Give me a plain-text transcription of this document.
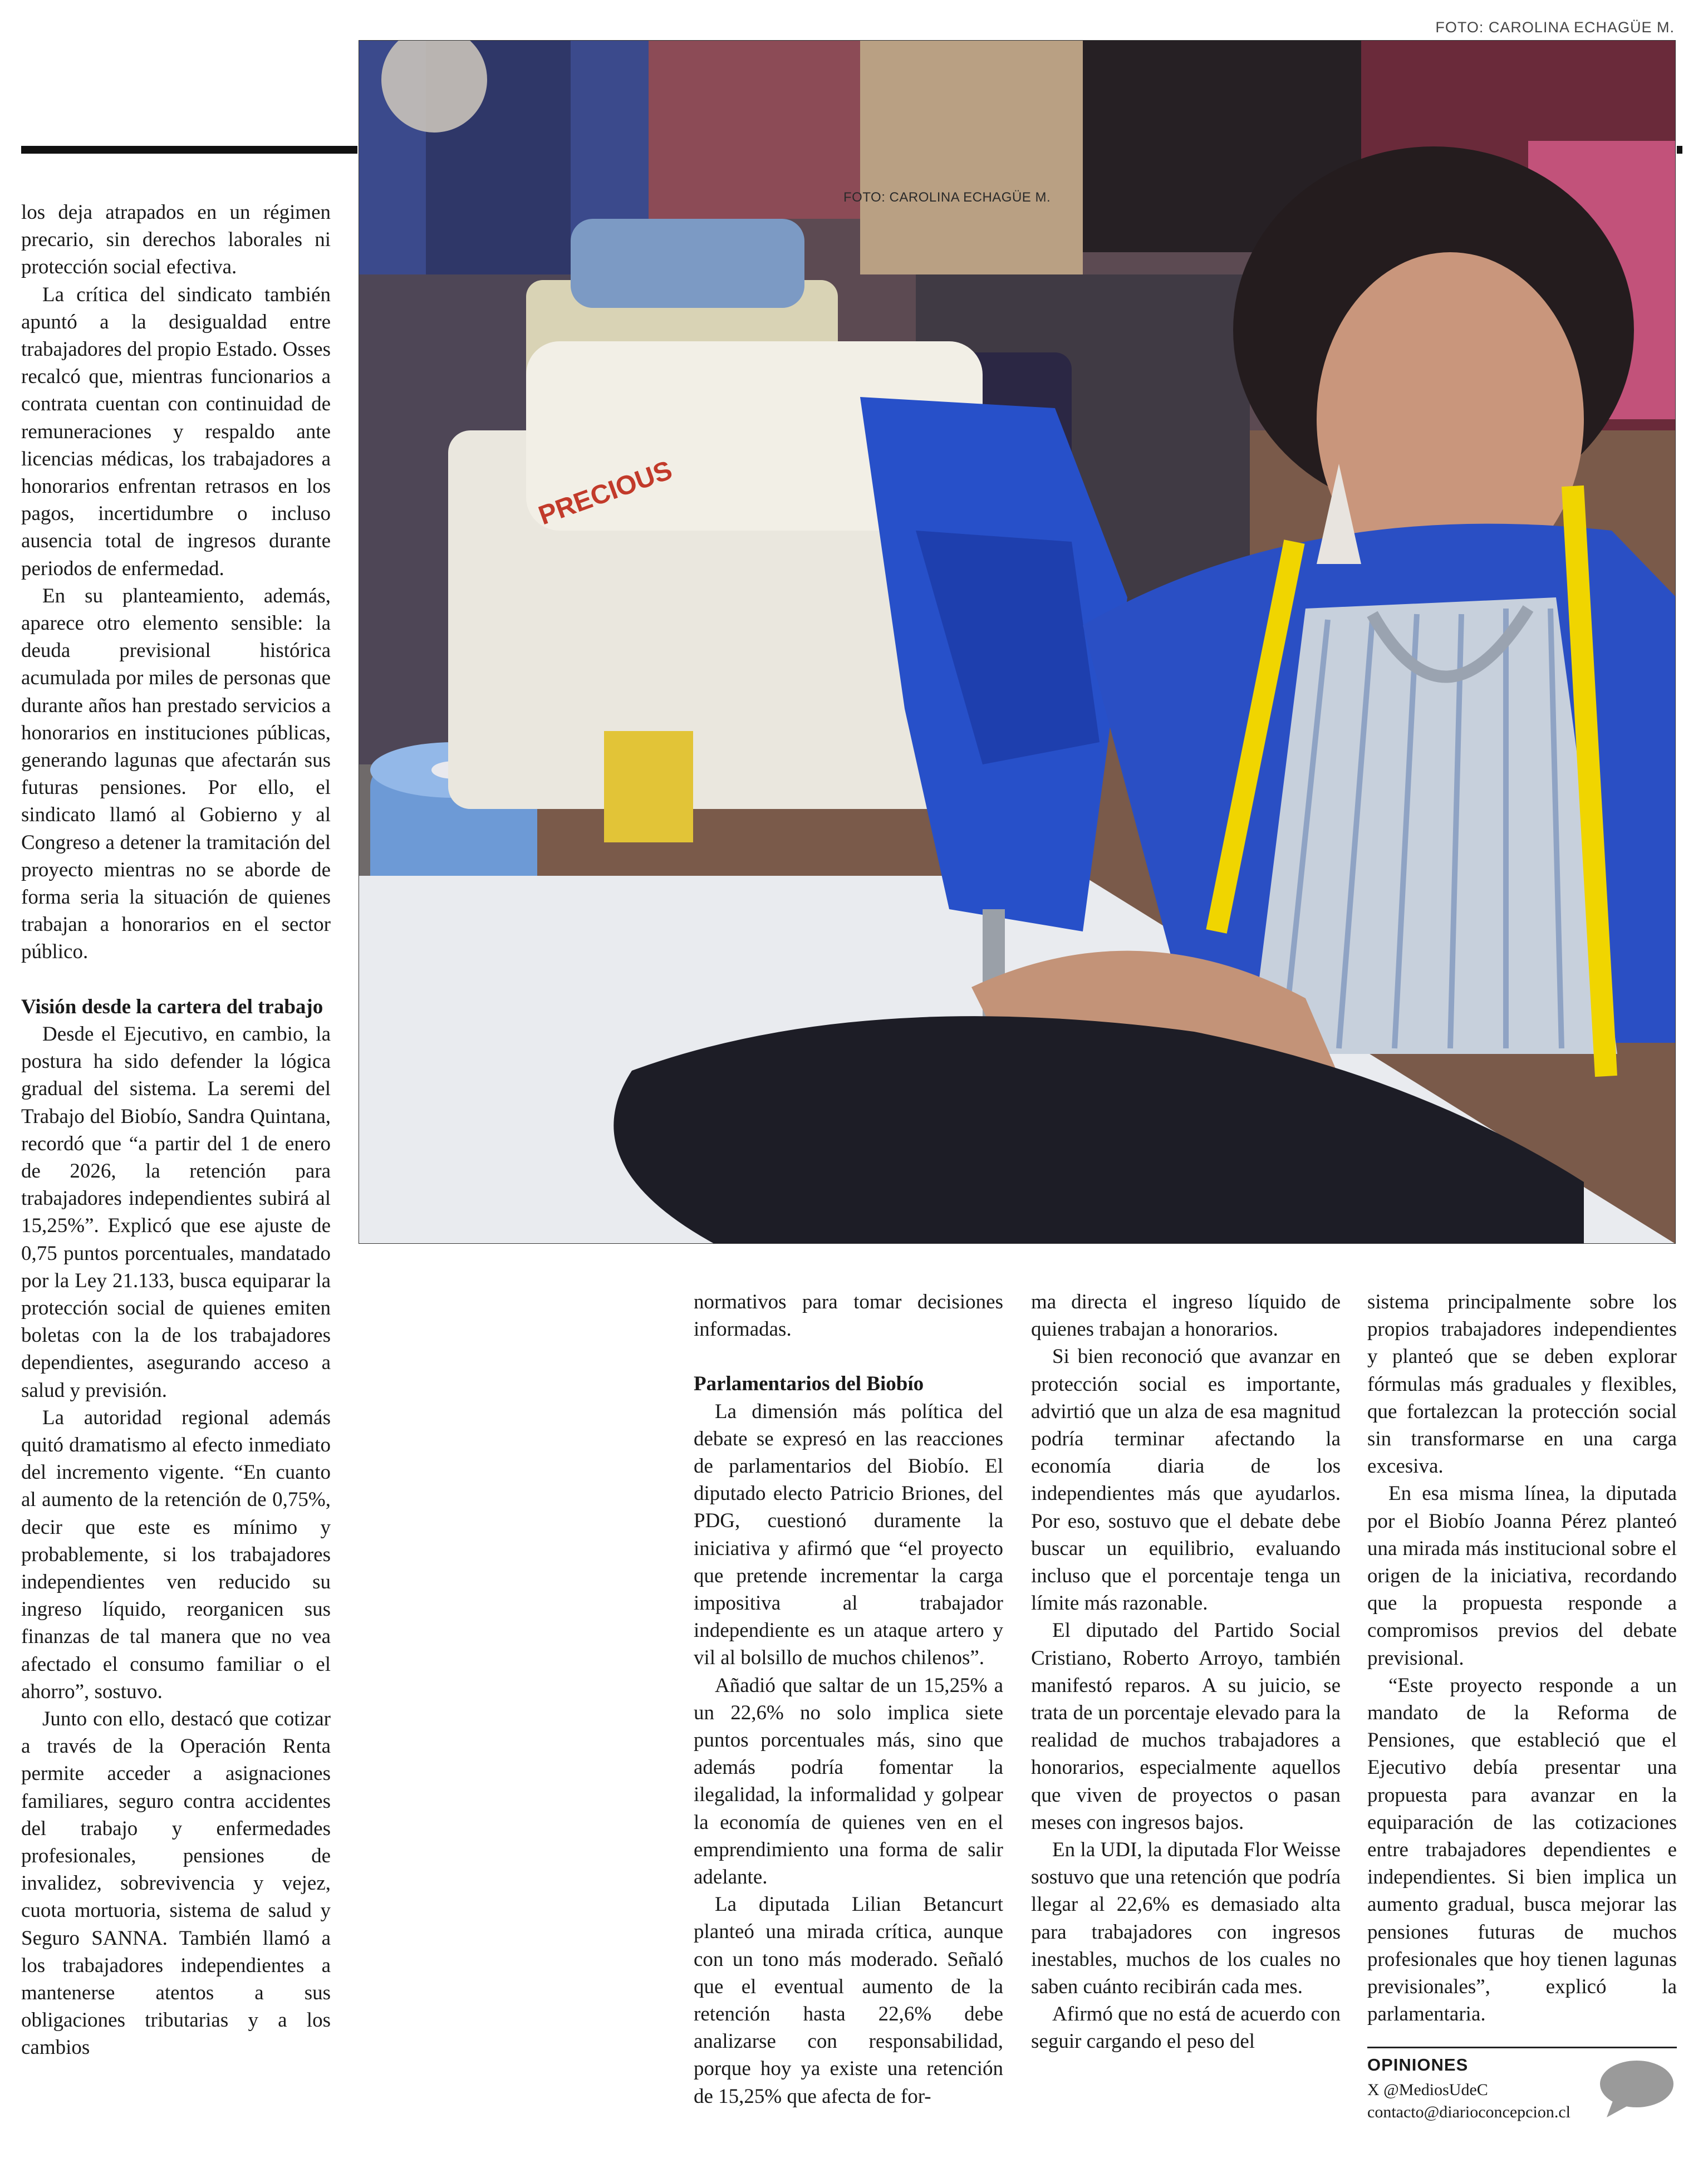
FOTO: CAROLINA ECHAGÜE M.
PRECIOUS
FOTO: CAROLINA ECHAGÜE M.

los deja atrapados en un régimen precario, sin derechos laborales ni protección social efectiva.

La crítica del sindicato también apuntó a la desigualdad entre trabajadores del propio Estado. Osses recalcó que, mientras funcionarios a contrata cuentan con continuidad de remuneraciones y respaldo ante licencias médicas, los trabajadores a honorarios enfrentan retrasos en los pagos, incertidumbre o incluso ausencia total de ingresos durante periodos de enfermedad.

En su planteamiento, además, aparece otro elemento sensible: la deuda previsional histórica acumulada por miles de personas que durante años han prestado servicios a honorarios en instituciones públicas, generando lagunas que afectarán sus futuras pensiones. Por ello, el sindicato llamó al Gobierno y al Congreso a detener la tramitación del proyecto mientras no se aborde de forma seria la situación de quienes trabajan a honorarios en el sector público.

Visión desde la cartera del trabajo

Desde el Ejecutivo, en cambio, la postura ha sido defender la lógica gradual del sistema. La seremi del Trabajo del Biobío, Sandra Quintana, recordó que “a partir del 1 de enero de 2026, la retención para trabajadores independientes subirá al 15,25%”. Explicó que ese ajuste de 0,75 puntos porcentuales, mandatado por la Ley 21.133, busca equiparar la protección social de quienes emiten boletas con la de los trabajadores dependientes, asegurando acceso a salud y previsión.

La autoridad regional además quitó dramatismo al efecto inmediato del incremento vigente. “En cuanto al aumento de la retención de 0,75%, decir que este es mínimo y probablemente, si los trabajadores independientes ven reducido su ingreso líquido, reorganicen sus finanzas de tal manera que no vea afectado el consumo familiar o el ahorro”, sostuvo.

Junto con ello, destacó que cotizar a través de la Operación Renta permite acceder a asignaciones familiares, seguro contra accidentes del trabajo y enfermedades profesionales, pensiones de invalidez, sobrevivencia y vejez, cuota mortuoria, sistema de salud y Seguro SANNA. También llamó a los trabajadores independientes a mantenerse atentos a sus obligaciones tributarias y a los cambios

normativos para tomar decisiones informadas.

Parlamentarios del Biobío

La dimensión más política del debate se expresó en las reacciones de parlamentarios del Biobío. El diputado electo Patricio Briones, del PDG, cuestionó duramente la iniciativa y afirmó que “el proyecto que pretende incrementar la carga impositiva al trabajador independiente es un ataque artero y vil al bolsillo de muchos chilenos”.

Añadió que saltar de un 15,25% a un 22,6% no solo implica siete puntos porcentuales más, sino que además podría fomentar la ilegalidad, la informalidad y golpear la economía de quienes ven en el emprendimiento una forma de salir adelante.

La diputada Lilian Betancurt planteó una mirada crítica, aunque con un tono más moderado. Señaló que el eventual aumento de la retención hasta 22,6% debe analizarse con responsabilidad, porque hoy ya existe una retención de 15,25% que afecta de for-

ma directa el ingreso líquido de quienes trabajan a honorarios.

Si bien reconoció que avanzar en protección social es importante, advirtió que un alza de esa magnitud podría terminar afectando la economía diaria de los independientes más que ayudarlos. Por eso, sostuvo que el debate debe buscar un equilibrio, evaluando incluso que el porcentaje tenga un límite más razonable.

El diputado del Partido Social Cristiano, Roberto Arroyo, también manifestó reparos. A su juicio, se trata de un porcentaje elevado para la realidad de muchos trabajadores a honorarios, especialmente aquellos que viven de proyectos o pasan meses con ingresos bajos.

En la UDI, la diputada Flor Weisse sostuvo que una retención que podría llegar al 22,6% es demasiado alta para trabajadores con ingresos inestables, muchos de los cuales no saben cuánto recibirán cada mes.

Afirmó que no está de acuerdo con seguir cargando el peso del

sistema principalmente sobre los propios trabajadores independientes y planteó que se deben explorar fórmulas más graduales y flexibles, que fortalezcan la protección social sin transformarse en una carga excesiva.

En esa misma línea, la diputada por el Biobío Joanna Pérez planteó una mirada más institucional sobre el origen de la iniciativa, recordando que la propuesta responde a compromisos previos del debate previsional.

“Este proyecto responde a un mandato de la Reforma de Pensiones, que estableció que el Ejecutivo debía presentar una propuesta para avanzar en la equiparación de las cotizaciones entre trabajadores dependientes e independientes. Si bien implica un aumento gradual, busca mejorar las pensiones futuras de muchos profesionales que hoy tienen lagunas previsionales”, explicó la parlamentaria.

OPINIONES
X @MediosUdeC
contacto@diarioconcepcion.cl
